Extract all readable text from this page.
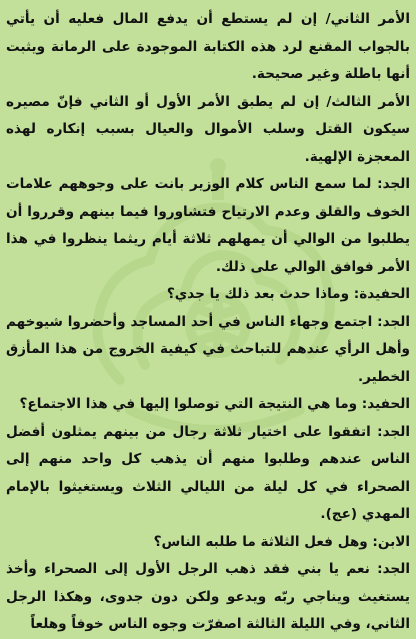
الأمر الثاني/ إن لم يستطع أن يدفع المال فعليه أن يأتي بالجواب المقنع لرد هذه الكتابة الموجودة على الرمانة ويثبت أنها باطلة وغير صحيحة.

الأمر الثالث/ إن لم يطبق الأمر الأول أو الثاني فإنّ مصيره سيكون القتل وسلب الأموال والعيال بسبب إنكاره لهذه المعجزة الإلهية.

الجد: لما سمع الناس كلام الوزير بانت على وجوههم علامات الخوف والقلق وعدم الارتياح فتشاوروا فيما بينهم وقرروا أن يطلبوا من الوالي أن يمهلهم ثلاثة أيام ريثما ينظروا في هذا الأمر فوافق الوالي على ذلك.

الحفيدة: وماذا حدث بعد ذلك يا جدي؟

الجد: اجتمع وجهاء الناس في أحد المساجد وأحضروا شيوخهم وأهل الرأي عندهم للتباحث في كيفية الخروج من هذا المأزق الخطير.

الحفيد: وما هي النتيجة التي توصلوا إليها في هذا الاجتماع؟

الجد: اتفقوا على اختيار ثلاثة رجال من بينهم يمثلون أفضل الناس عندهم وطلبوا منهم أن يذهب كل واحد منهم إلى الصحراء في كل ليلة من الليالي الثلاث ويستغيثوا بالإمام المهدي (عج).

الابن: وهل فعل الثلاثة ما طلبه الناس؟

الجد: نعم يا بني فقد ذهب الرجل الأول إلى الصحراء وأخذ يستغيث ويناجي ربّه ويدعو ولكن دون جدوى، وهكذا الرجل الثاني، وفي الليلة الثالثة اصفرّت وجوه الناس خوفاً وهلعاً
